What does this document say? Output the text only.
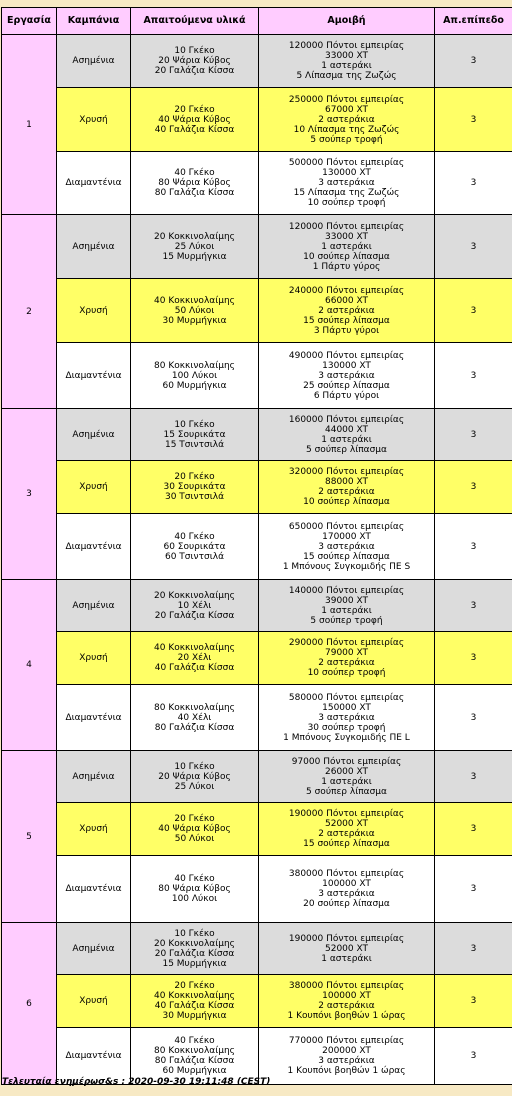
Εργασία	Καμπάνια	Απαιτούμενα υλικά	Αμοιβή	Απ.επίπεδο
1	Ασημένια	10 Γκέκο
20 Ψάρια Κύβος
20 Γαλάζια Κίσσα	120000 Πόντοι εμπειρίας
33000 XT
1 αστεράκι
5 Λίπασμα της Ζωζώς	3
	Χρυσή	20 Γκέκο
40 Ψάρια Κύβος
40 Γαλάζια Κίσσα	250000 Πόντοι εμπειρίας
67000 XT
2 αστεράκια
10 Λίπασμα της Ζωζώς
5 σούπερ τροφή	3
	Διαμαντένια	40 Γκέκο
80 Ψάρια Κύβος
80 Γαλάζια Κίσσα	500000 Πόντοι εμπειρίας
130000 XT
3 αστεράκια
15 Λίπασμα της Ζωζώς
10 σούπερ τροφή	3
2	Ασημένια	20 Κοκκινολαίμης
25 Λύκοι
15 Μυρμήγκια	120000 Πόντοι εμπειρίας
33000 XT
1 αστεράκι
10 σούπερ λίπασμα
1 Πάρτυ γύρος	3
	Χρυσή	40 Κοκκινολαίμης
50 Λύκοι
30 Μυρμήγκια	240000 Πόντοι εμπειρίας
66000 XT
2 αστεράκια
15 σούπερ λίπασμα
3 Πάρτυ γύροι	3
	Διαμαντένια	80 Κοκκινολαίμης
100 Λύκοι
60 Μυρμήγκια	490000 Πόντοι εμπειρίας
130000 XT
3 αστεράκια
25 σούπερ λίπασμα
6 Πάρτυ γύροι	3
3	Ασημένια	10 Γκέκο
15 Σουρικάτα
15 Τσιντσιλά	160000 Πόντοι εμπειρίας
44000 XT
1 αστεράκι
5 σούπερ λίπασμα	3
	Χρυσή	20 Γκέκο
30 Σουρικάτα
30 Τσιντσιλά	320000 Πόντοι εμπειρίας
88000 XT
2 αστεράκια
10 σούπερ λίπασμα	3
	Διαμαντένια	40 Γκέκο
60 Σουρικάτα
60 Τσιντσιλά	650000 Πόντοι εμπειρίας
170000 XT
3 αστεράκια
15 σούπερ λίπασμα
1 Μπόνους Συγκομιδής ΠΕ S	3
4	Ασημένια	20 Κοκκινολαίμης
10 Χέλι
20 Γαλάζια Κίσσα	140000 Πόντοι εμπειρίας
39000 XT
1 αστεράκι
5 σούπερ τροφή	3
	Χρυσή	40 Κοκκινολαίμης
20 Χέλι
40 Γαλάζια Κίσσα	290000 Πόντοι εμπειρίας
79000 XT
2 αστεράκια
10 σούπερ τροφή	3
	Διαμαντένια	80 Κοκκινολαίμης
40 Χέλι
80 Γαλάζια Κίσσα	580000 Πόντοι εμπειρίας
150000 XT
3 αστεράκια
30 σούπερ τροφή
1 Μπόνους Συγκομιδής ΠΕ L	3
5	Ασημένια	10 Γκέκο
20 Ψάρια Κύβος
25 Λύκοι	97000 Πόντοι εμπειρίας
26000 XT
1 αστεράκι
5 σούπερ λίπασμα	3
	Χρυσή	20 Γκέκο
40 Ψάρια Κύβος
50 Λύκοι	190000 Πόντοι εμπειρίας
52000 XT
2 αστεράκια
15 σούπερ λίπασμα	3
	Διαμαντένια	40 Γκέκο
80 Ψάρια Κύβος
100 Λύκοι	380000 Πόντοι εμπειρίας
100000 XT
3 αστεράκια
20 σούπερ λίπασμα	3
6	Ασημένια	10 Γκέκο
20 Κοκκινολαίμης
20 Γαλάζια Κίσσα
15 Μυρμήγκια	190000 Πόντοι εμπειρίας
52000 XT
1 αστεράκι	3
	Χρυσή	20 Γκέκο
40 Κοκκινολαίμης
40 Γαλάζια Κίσσα
30 Μυρμήγκια	380000 Πόντοι εμπειρίας
100000 XT
2 αστεράκια
1 Κουπόνι βοηθών 1 ώρας	3
	Διαμαντένια	40 Γκέκο
80 Κοκκινολαίμης
80 Γαλάζια Κίσσα
60 Μυρμήγκια	770000 Πόντοι εμπειρίας
200000 XT
3 αστεράκια
1 Κουπόνι βοηθών 1 ώρας	3
Τελευταία ενημέρωσ&s : 2020-09-30 19:11:48 (CEST)
